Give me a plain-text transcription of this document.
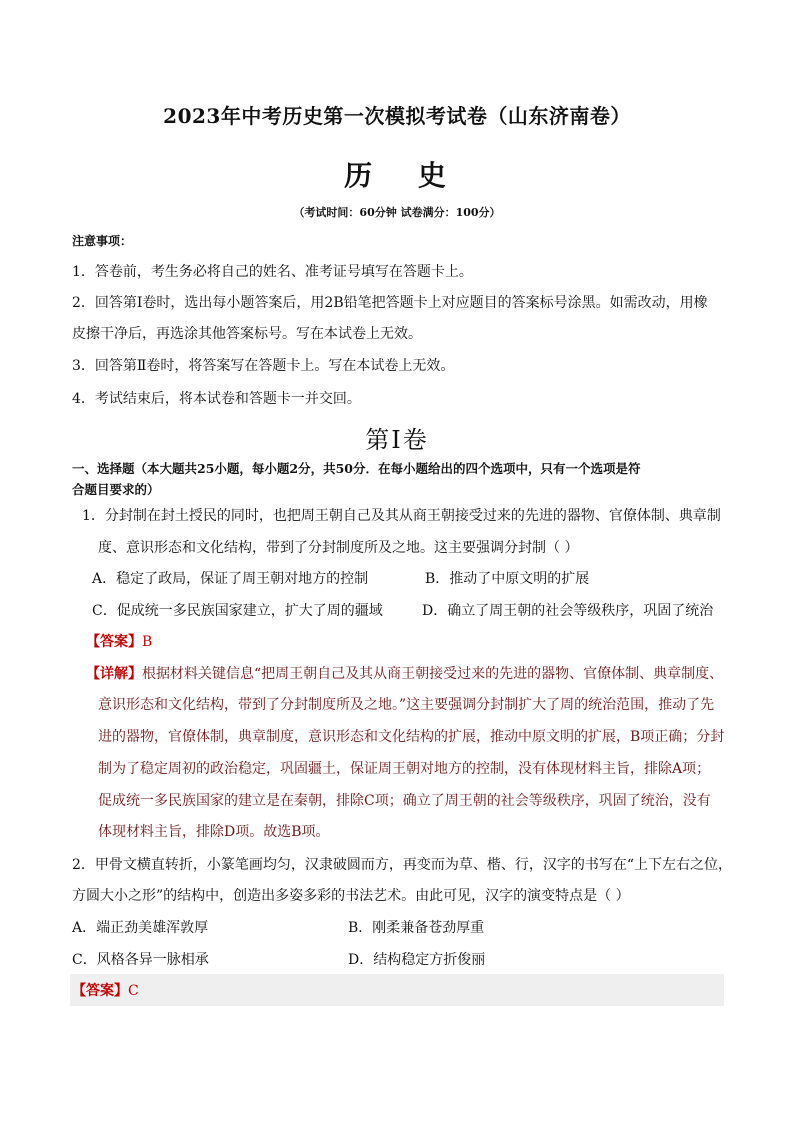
2023年中考历史第一次模拟考试卷（山东济南卷）
历 史
（考试时间：60分钟 试卷满分：100分）
注意事项：
1．答卷前，考生务必将自己的姓名、准考证号填写在答题卡上。
2．回答第Ⅰ卷时，选出每小题答案后，用2B铅笔把答题卡上对应题目的答案标号涂黑。如需改动，用橡
皮擦干净后，再选涂其他答案标号。写在本试卷上无效。
3．回答第Ⅱ卷时，将答案写在答题卡上。写在本试卷上无效。
4．考试结束后，将本试卷和答题卡一并交回。
第Ⅰ卷
一、选择题（本大题共25小题，每小题2分，共50分．在每小题给出的四个选项中，只有一个选项是符
合题目要求的）
1．分封制在封土授民的同时，也把周王朝自己及其从商王朝接受过来的先进的器物、官僚体制、典章制
度、意识形态和文化结构，带到了分封制度所及之地。这主要强调分封制（ ）
A．稳定了政局，保证了周王朝对地方的控制	B．推动了中原文明的扩展
C．促成统一多民族国家建立，扩大了周的疆域	D．确立了周王朝的社会等级秩序，巩固了统治
【答案】B
【详解】根据材料关键信息“把周王朝自己及其从商王朝接受过来的先进的器物、官僚体制、典章制度、
意识形态和文化结构，带到了分封制度所及之地。”这主要强调分封制扩大了周的统治范围，推动了先
进的器物，官僚体制，典章制度，意识形态和文化结构的扩展，推动中原文明的扩展，B项正确；分封
制为了稳定周初的政治稳定，巩固疆土，保证周王朝对地方的控制，没有体现材料主旨，排除A项；
促成统一多民族国家的建立是在秦朝，排除C项；确立了周王朝的社会等级秩序，巩固了统治，没有
体现材料主旨，排除D项。故选B项。
2．甲骨文横直转折，小篆笔画均匀，汉隶破圆而方，再变而为草、楷、行，汉字的书写在“上下左右之位，
方圆大小之形”的结构中，创造出多姿多彩的书法艺术。由此可见，汉字的演变特点是（ ）
A．端正劲美雄浑敦厚	B．刚柔兼备苍劲厚重
C．风格各异一脉相承	D．结构稳定方折俊丽
【答案】C
